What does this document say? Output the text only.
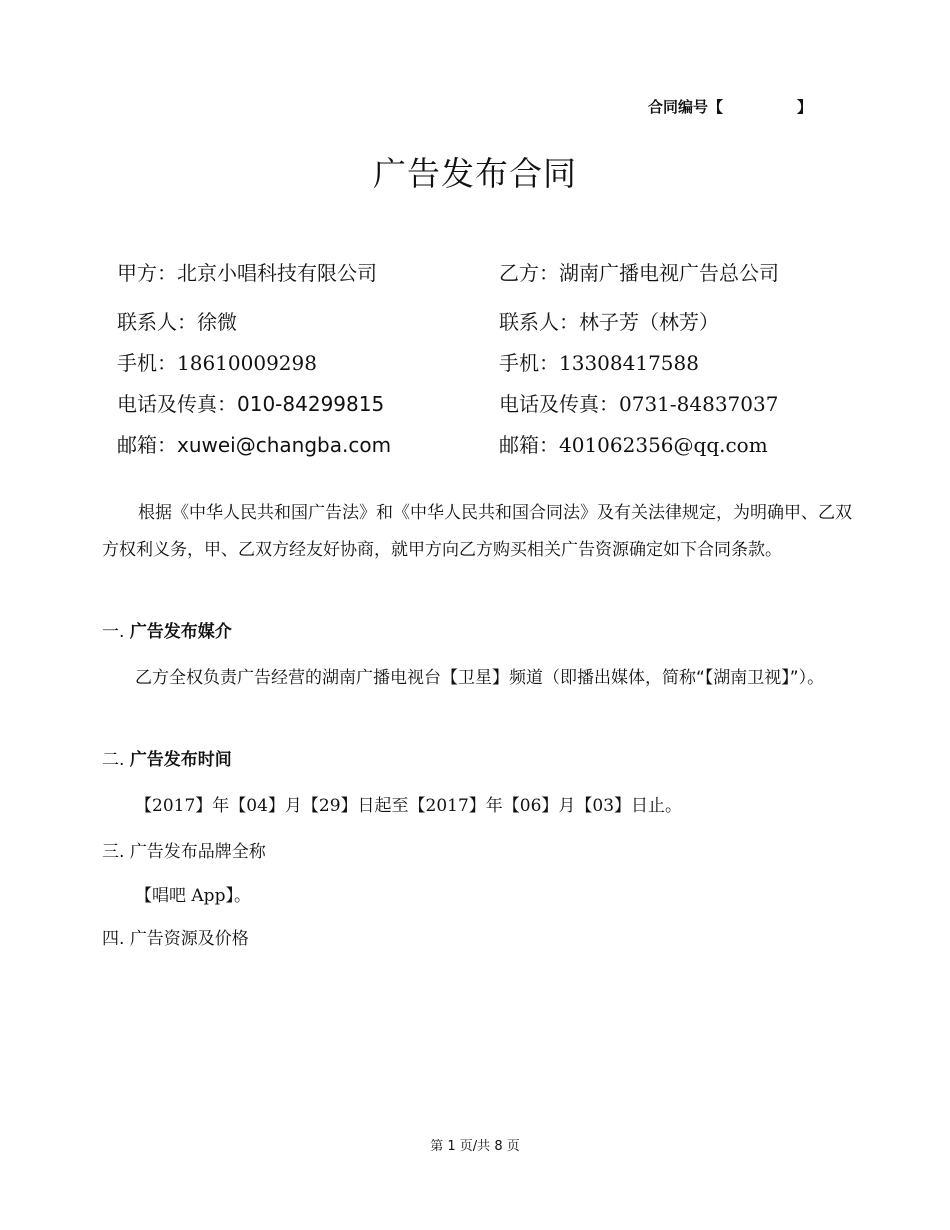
合同编号【	】
广告发布合同
甲方：北京小唱科技有限公司
联系人：徐微
手机：18610009298
电话及传真：010-84299815
邮箱：xuwei@changba.com
乙方：湖南广播电视广告总公司
联系人：林子芳（林芳）
手机：13308417588
电话及传真：0731-84837037
邮箱：401062356@qq.com
根据《中华人民共和国广告法》和《中华人民共和国合同法》及有关法律规定，为明确甲、乙双方权利义务，甲、乙双方经友好协商，就甲方向乙方购买相关广告资源确定如下合同条款。
一. 广告发布媒介
乙方全权负责广告经营的湖南广播电视台【卫星】频道（即播出媒体，简称“【湖南卫视】”）。
二. 广告发布时间
【2017】年【04】月【29】日起至【2017】年【06】月【03】日止。
三. 广告发布品牌全称
【唱吧 App】。
四. 广告资源及价格
第 1 页/共 8 页
